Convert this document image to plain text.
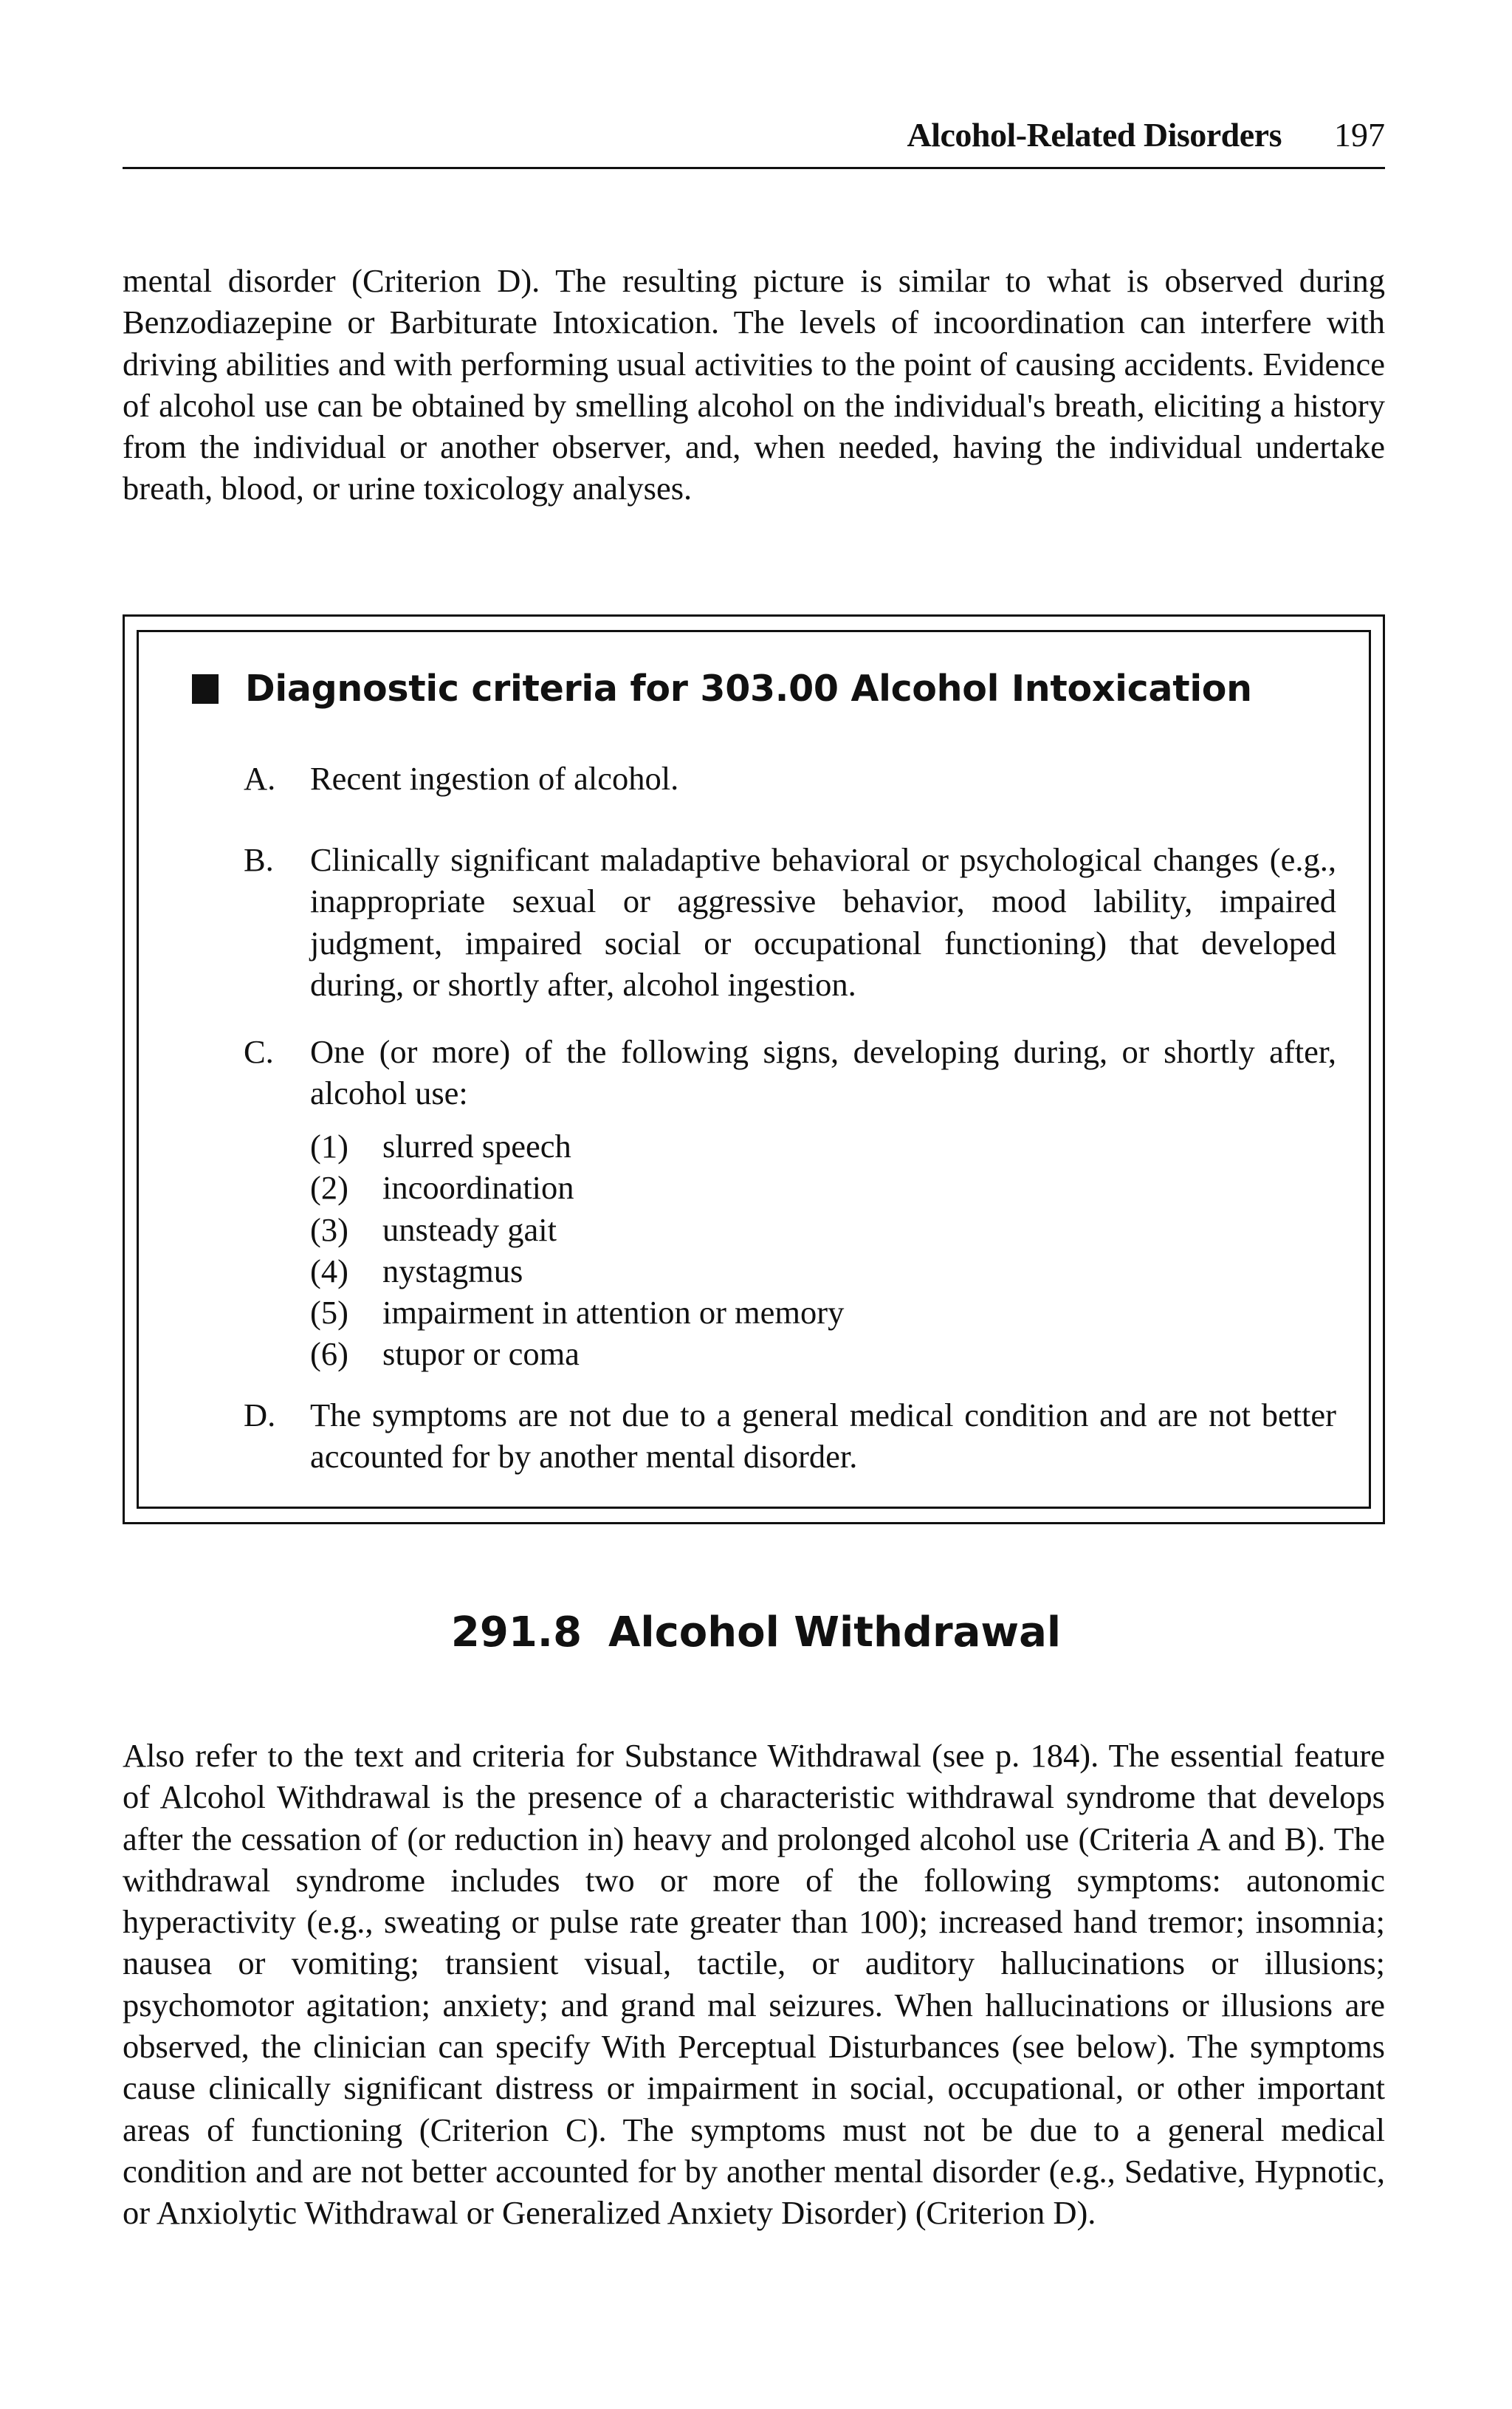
Alcohol-Related Disorders 197

mental disorder (Criterion D). The resulting picture is similar to what is observed during Benzodiazepine or Barbiturate Intoxication. The levels of incoordination can interfere with driving abilities and with performing usual activities to the point of causing accidents. Evidence of alcohol use can be obtained by smelling alcohol on the individual's breath, eliciting a history from the individual or another observer, and, when needed, having the individual undertake breath, blood, or urine toxicology analyses.

Diagnostic criteria for 303.00 Alcohol Intoxication
A. Recent ingestion of alcohol.
B. Clinically significant maladaptive behavioral or psychological changes (e.g., inappropriate sexual or aggressive behavior, mood lability, impaired judgment, impaired social or occupational functioning) that developed during, or shortly after, alcohol ingestion.
C. One (or more) of the following signs, developing during, or shortly after, alcohol use:
(1) slurred speech
(2) incoordination
(3) unsteady gait
(4) nystagmus
(5) impairment in attention or memory
(6) stupor or coma
D. The symptoms are not due to a general medical condition and are not better accounted for by another mental disorder.
291.8 Alcohol Withdrawal

Also refer to the text and criteria for Substance Withdrawal (see p. 184). The essential feature of Alcohol Withdrawal is the presence of a characteristic withdrawal syndrome that develops after the cessation of (or reduction in) heavy and prolonged alcohol use (Criteria A and B). The withdrawal syndrome includes two or more of the following symptoms: autonomic hyperactivity (e.g., sweating or pulse rate greater than 100); increased hand tremor; insomnia; nausea or vomiting; transient visual, tactile, or auditory hallucinations or illusions; psychomotor agitation; anxiety; and grand mal seizures. When hallucinations or illusions are observed, the clinician can specify With Perceptual Disturbances (see below). The symptoms cause clinically significant distress or impairment in social, occupational, or other important areas of functioning (Criterion C). The symptoms must not be due to a general medical condition and are not better accounted for by another mental disorder (e.g., Sedative, Hypnotic, or Anxiolytic Withdrawal or Generalized Anxiety Disorder) (Criterion D).
